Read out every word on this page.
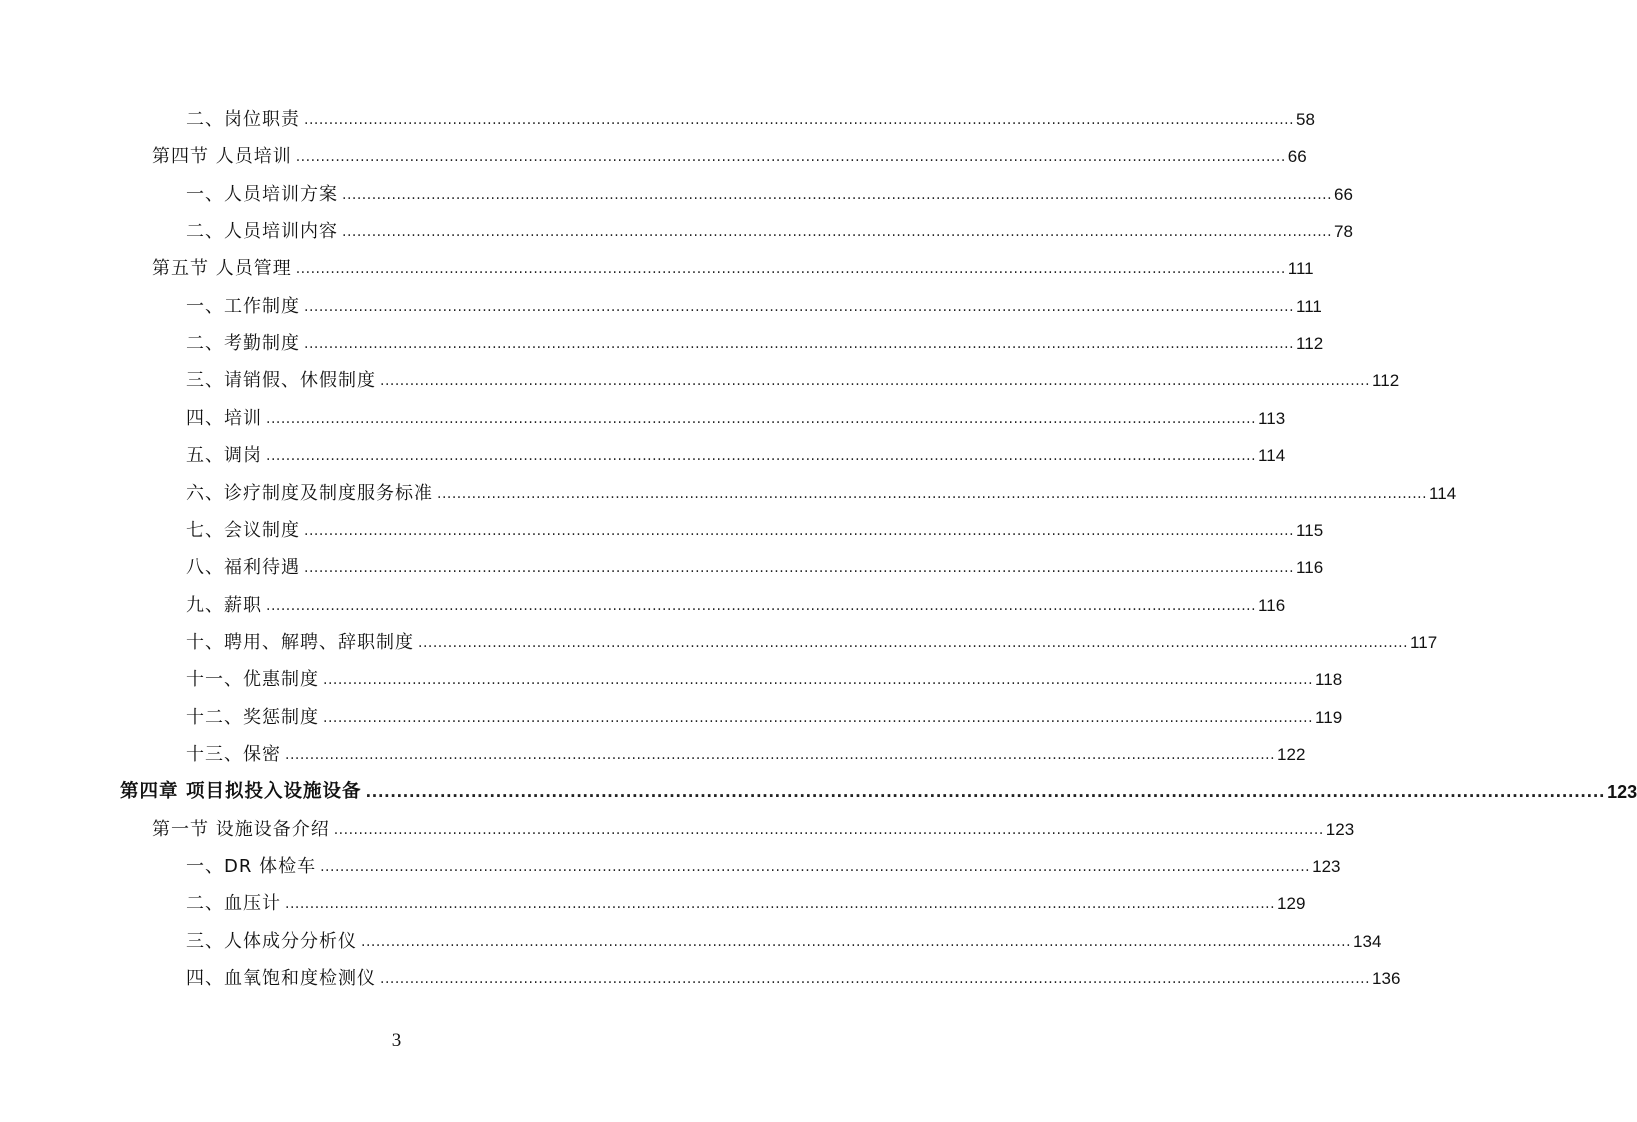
二、岗位职责 ........................................................................................................................................................................................................ 58
第四节 人员培训 ........................................................................................................................................................................................................ 66
一、人员培训方案 ........................................................................................................................................................................................................ 66
二、人员培训内容 ........................................................................................................................................................................................................ 78
第五节 人员管理 ........................................................................................................................................................................................................ 111
一、工作制度 ........................................................................................................................................................................................................ 111
二、考勤制度 ........................................................................................................................................................................................................ 112
三、请销假、休假制度 ........................................................................................................................................................................................................ 112
四、培训 ........................................................................................................................................................................................................ 113
五、调岗 ........................................................................................................................................................................................................ 114
六、诊疗制度及制度服务标准 ........................................................................................................................................................................................................ 114
七、会议制度 ........................................................................................................................................................................................................ 115
八、福利待遇 ........................................................................................................................................................................................................ 116
九、薪职 ........................................................................................................................................................................................................ 116
十、聘用、解聘、辞职制度 ........................................................................................................................................................................................................ 117
十一、优惠制度 ........................................................................................................................................................................................................ 118
十二、奖惩制度 ........................................................................................................................................................................................................ 119
十三、保密 ........................................................................................................................................................................................................ 122
第四章 项目拟投入设施设备 ........................................................................................................................................................................................................ 123
第一节 设施设备介绍 ........................................................................................................................................................................................................ 123
一、DR 体检车 ........................................................................................................................................................................................................ 123
二、血压计 ........................................................................................................................................................................................................ 129
三、人体成分分析仪 ........................................................................................................................................................................................................ 134
四、血氧饱和度检测仪 ........................................................................................................................................................................................................ 136
3
